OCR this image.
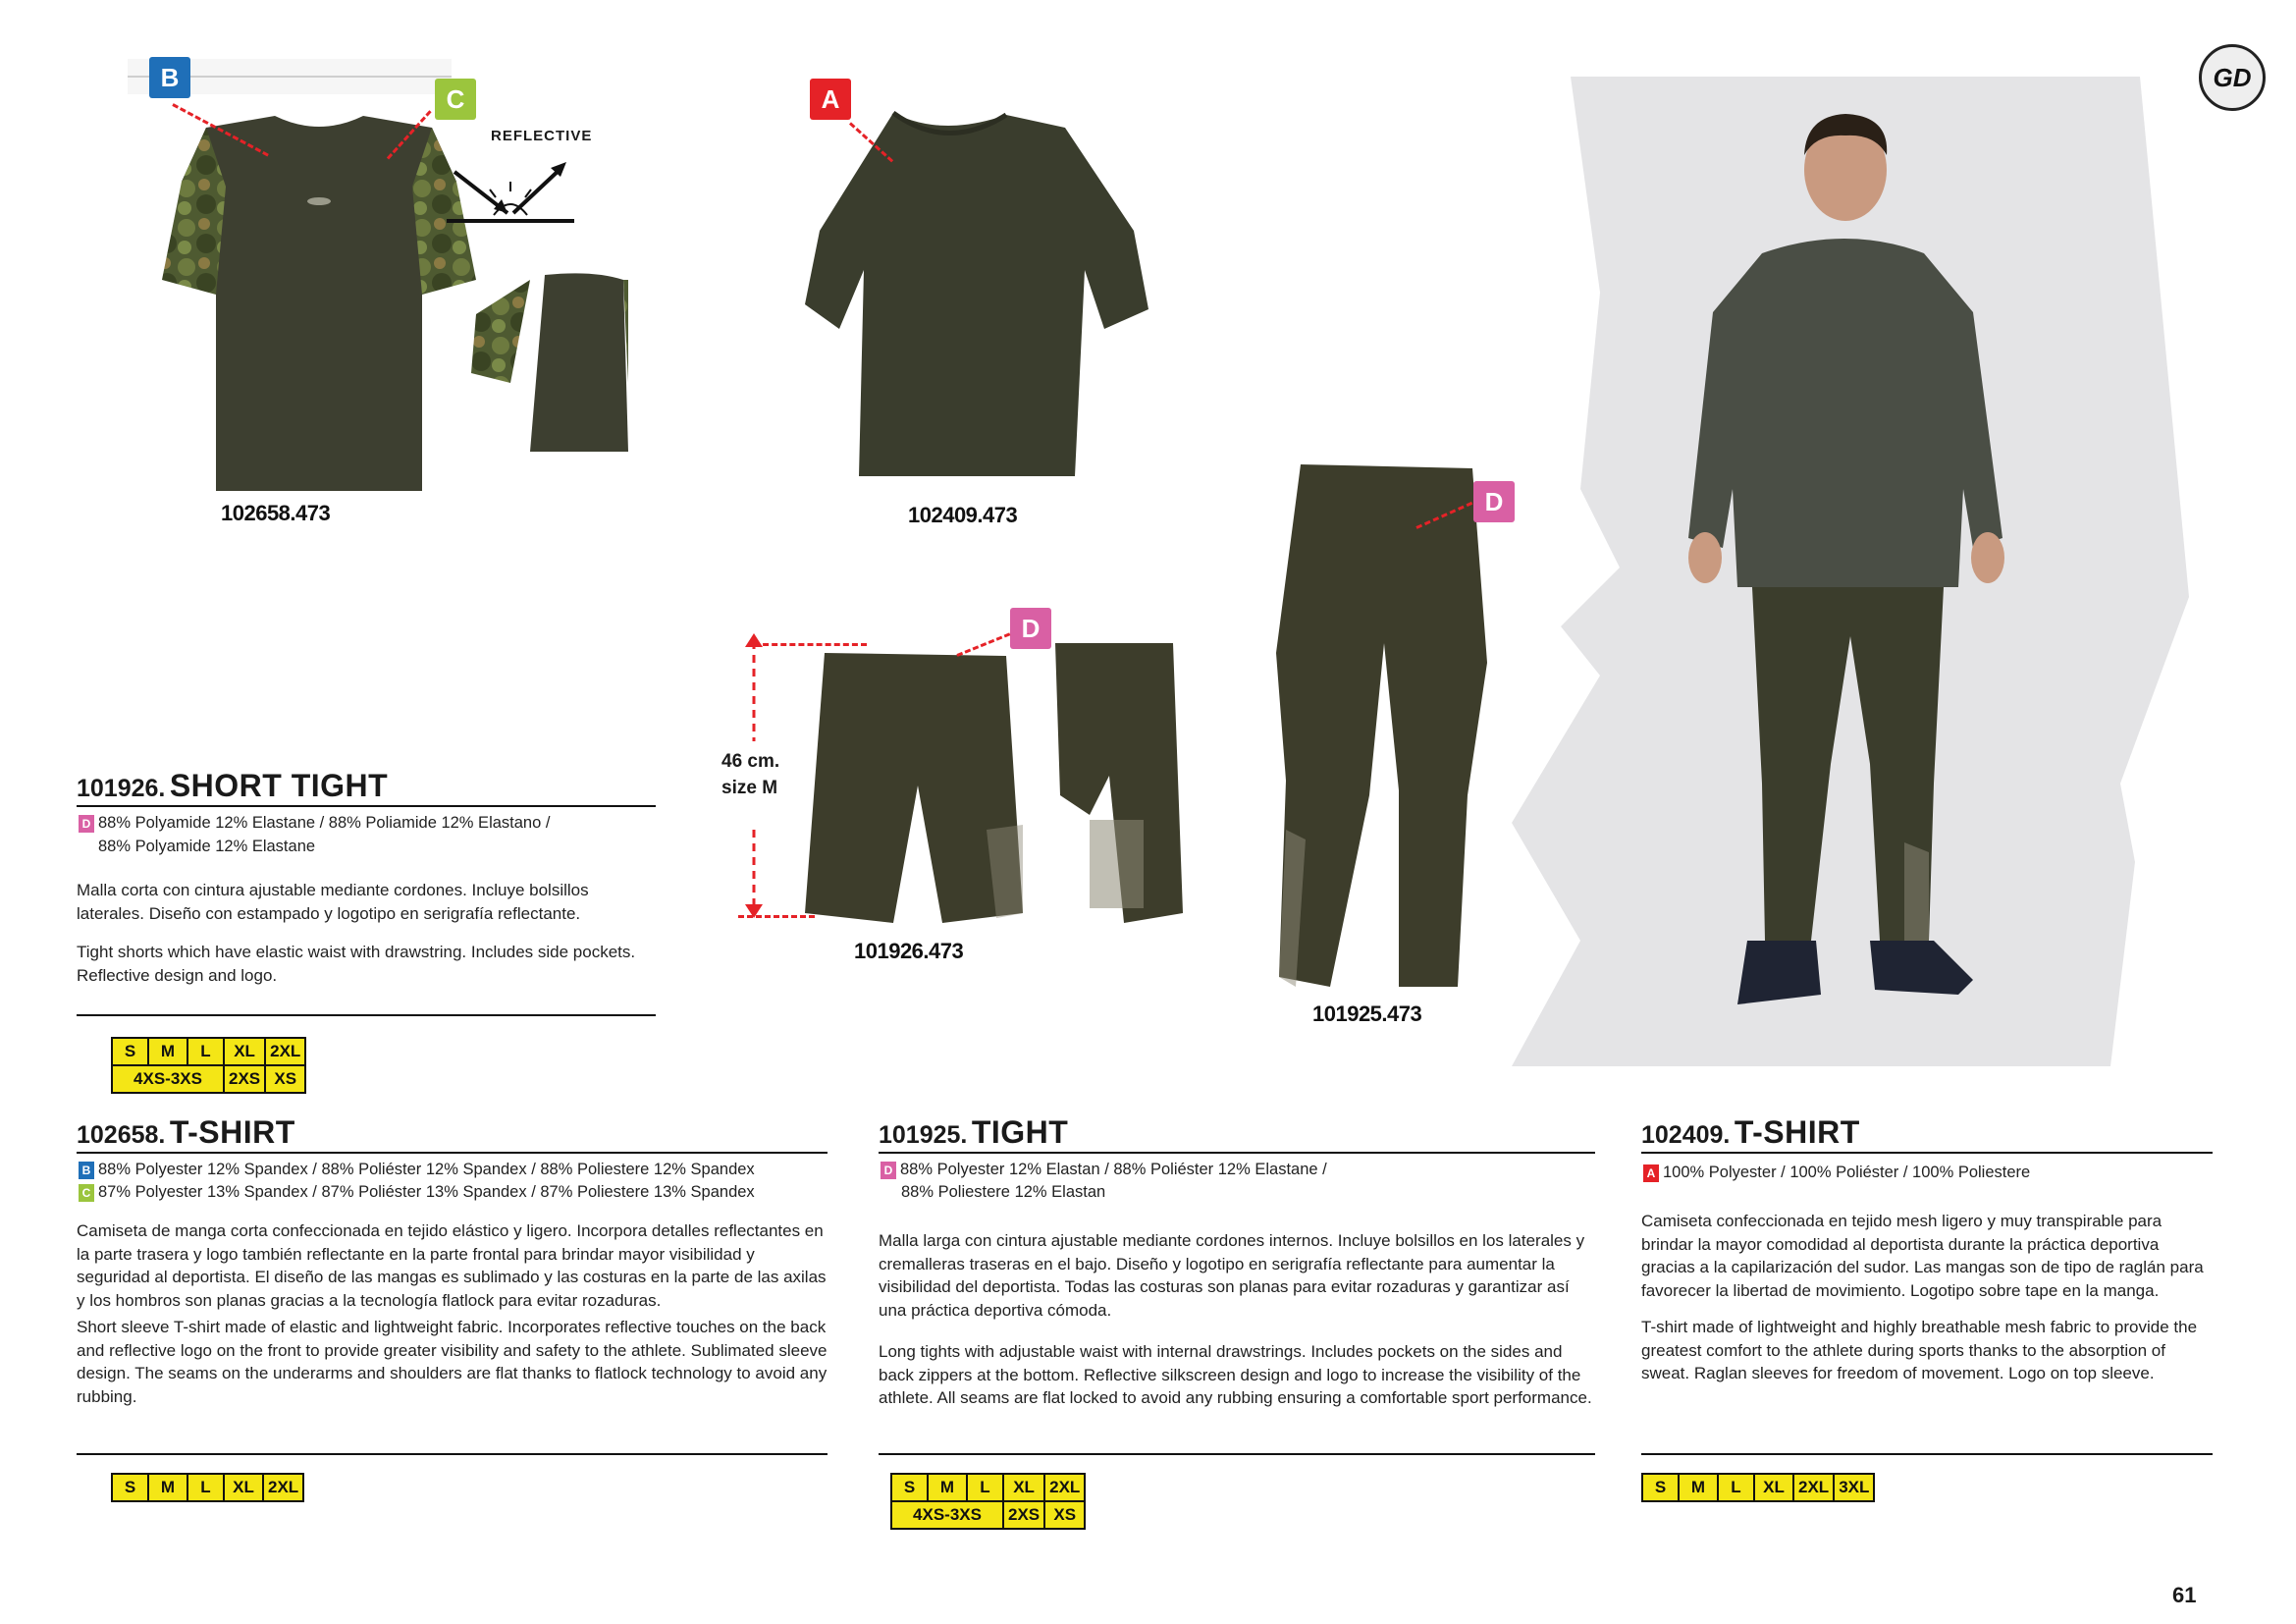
GD
REFLECTIVE
B
C
102658.473
A
102409.473
46 cm.
size M
D
101926.473
D
101925.473
101926. SHORT TIGHT
D 88% Polyamide 12% Elastane / 88% Poliamide 12% Elastano /
88% Polyamide 12% Elastane
Malla corta con cintura ajustable mediante cordones. Incluye bolsillos laterales. Diseño con estampado y logotipo en serigrafía reflectante.
Tight shorts which have elastic waist with drawstring. Includes side pockets. Reflective design and logo.
S	M	L	XL	2XL
4XS-3XS			2XS	XS
102658. T-SHIRT
B 88% Polyester 12% Spandex / 88% Poliéster 12% Spandex / 88% Poliestere 12% Spandex
C 87% Polyester 13% Spandex / 87% Poliéster 13% Spandex / 87% Poliestere 13% Spandex
Camiseta de manga corta confeccionada en tejido elástico y ligero. Incorpora detalles reflectantes en la parte trasera y logo también reflectante en la parte frontal para brindar mayor visibilidad y seguridad al deportista. El diseño de las mangas es sublimado y las costuras en la parte de las axilas y los hombros son planas gracias a la tecnología flatlock para evitar rozaduras.
Short sleeve T-shirt made of elastic and lightweight fabric. Incorporates reflective touches on the back and reflective logo on the front to provide greater visibility and safety to the athlete. Sublimated sleeve design. The seams on the underarms and shoulders are flat thanks to flatlock technology to avoid any rubbing.
S	M	L	XL	2XL
101925. TIGHT
D 88% Polyester 12% Elastan / 88% Poliéster 12% Elastane /
88% Poliestere 12% Elastan
Malla larga con cintura ajustable mediante cordones internos. Incluye bolsillos en los laterales y cremalleras traseras en el bajo. Diseño y logotipo en serigrafía reflectante para aumentar la visibilidad del deportista. Todas las costuras son planas para evitar rozaduras y garantizar así una práctica deportiva cómoda.
Long tights with adjustable waist with internal drawstrings. Includes pockets on the sides and back zippers at the bottom. Reflective silkscreen design and logo to increase the visibility of the athlete. All seams are flat locked to avoid any rubbing ensuring a comfortable sport performance.
S	M	L	XL	2XL
4XS-3XS			2XS	XS
102409. T-SHIRT
A 100% Polyester / 100% Poliéster / 100% Poliestere
Camiseta confeccionada en tejido mesh ligero y muy transpirable para brindar la mayor comodidad al deportista durante la práctica deportiva gracias a la capilarización del sudor. Las mangas son de tipo de raglán para favorecer la libertad de movimiento. Logotipo sobre tape en la manga.
T-shirt made of lightweight and highly breathable mesh fabric to provide the greatest comfort to the athlete during sports thanks to the absorption of sweat. Raglan sleeves for freedom of movement. Logo on top sleeve.
S	M	L	XL	2XL	3XL
61
